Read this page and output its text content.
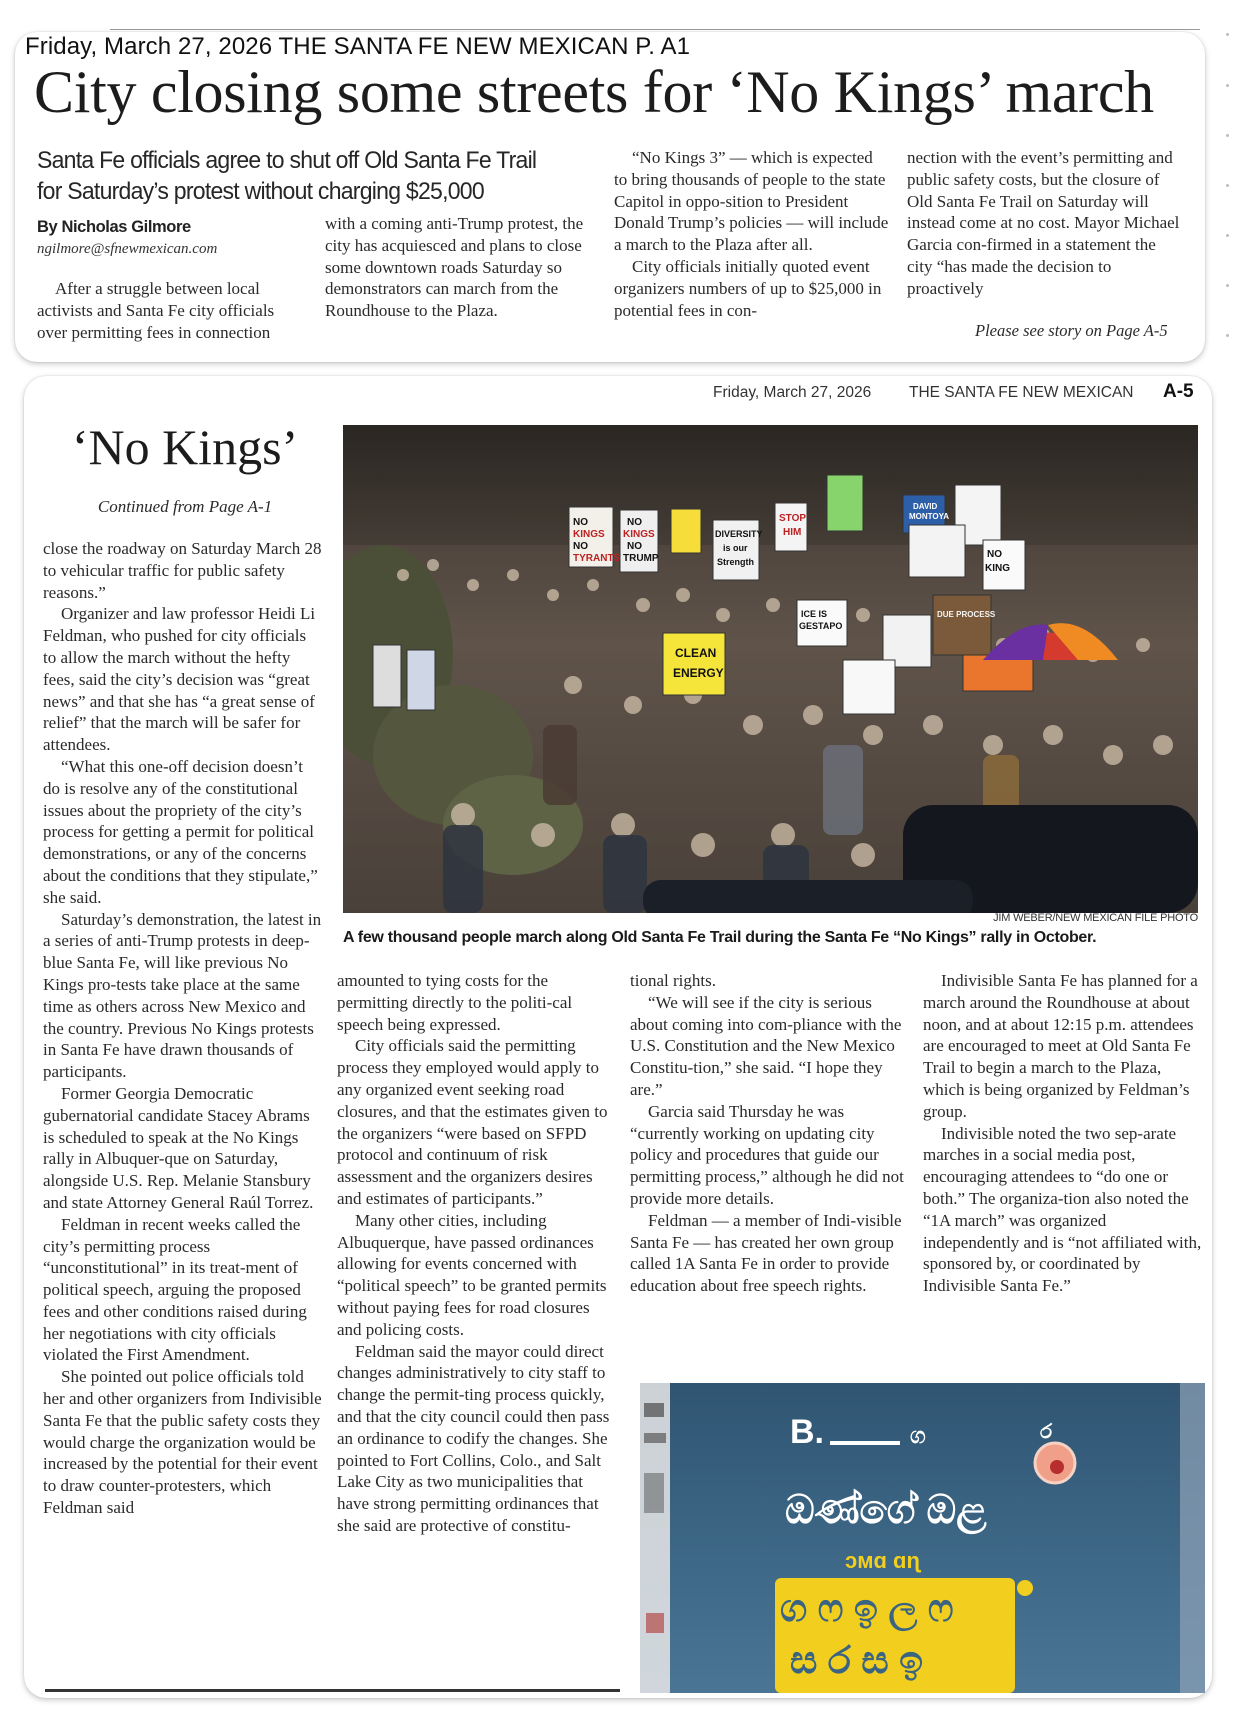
Friday, March 27, 2026 THE SANTA FE NEW MEXICAN P. A1
City closing some streets for ‘No Kings’ march
Santa Fe officials agree to shut off Old Santa Fe Trail
for Saturday’s protest without charging $25,000
By Nicholas Gilmore
ngilmore@sfnewmexican.com

After a struggle between local activists and Santa Fe city officials over permitting fees in connection

with a coming anti-Trump protest, the city has acquiesced and plans to close some downtown roads Saturday so demonstrators can march from the Roundhouse to the Plaza.

“No Kings 3” — which is expected to bring thousands of people to the state Capitol in oppo-sition to President Donald Trump’s policies — will include a march to the Plaza after all.

City officials initially quoted event organizers numbers of up to $25,000 in potential fees in con-

nection with the event’s permitting and public safety costs, but the closure of Old Santa Fe Trail on Saturday will instead come at no cost. Mayor Michael Garcia con-firmed in a statement the city “has made the decision to proactively

Please see story on Page A-5
Friday, March 27, 2026 THE SANTA FE NEW MEXICAN A-5
‘No Kings’
Continued from Page A-1
NO
KINGS
NO
TYRANTS
NO
KINGS
NO
TRUMP
DIVERSITY
is our
Strength
STOP
HIM
DAVID
MONTOYA
NO
KING
CLEAN
ENERGY
ICE IS
GESTAPO
DUE PROCESS
JIM WEBER/NEW MEXICAN FILE PHOTO
A few thousand people march along Old Santa Fe Trail during the Santa Fe “No Kings” rally in October.

close the roadway on Saturday March 28 to vehicular traffic for public safety reasons.”

Organizer and law professor Heidi Li Feldman, who pushed for city officials to allow the march without the hefty fees, said the city’s decision was “great news” and that she has “a great sense of relief” that the march will be safer for attendees.

“What this one-off decision doesn’t do is resolve any of the constitutional issues about the propriety of the city’s process for getting a permit for political demonstrations, or any of the concerns about the conditions that they stipulate,” she said.

Saturday’s demonstration, the latest in a series of anti-Trump protests in deep-blue Santa Fe, will like previous No Kings pro-tests take place at the same time as others across New Mexico and the country. Previous No Kings protests in Santa Fe have drawn thousands of participants.

Former Georgia Democratic gubernatorial candidate Stacey Abrams is scheduled to speak at the No Kings rally in Albuquer-que on Saturday, alongside U.S. Rep. Melanie Stansbury and state Attorney General Raúl Torrez.

Feldman in recent weeks called the city’s permitting process “unconstitutional” in its treat-ment of political speech, arguing the proposed fees and other conditions raised during her negotiations with city officials violated the First Amendment.

She pointed out police officials told her and other organizers from Indivisible Santa Fe that the public safety costs they would charge the organization would be increased by the potential for their event to draw counter-protesters, which Feldman said

amounted to tying costs for the permitting directly to the politi-cal speech being expressed.

City officials said the permitting process they employed would apply to any organized event seeking road closures, and that the estimates given to the organizers “were based on SFPD protocol and continuum of risk assessment and the organizers desires and estimates of participants.”

Many other cities, including Albuquerque, have passed ordinances allowing for events concerned with “political speech” to be granted permits without paying fees for road closures and policing costs.

Feldman said the mayor could direct changes administratively to city staff to change the permit-ting process quickly, and that the city council could then pass an ordinance to codify the changes. She pointed to Fort Collins, Colo., and Salt Lake City as two municipalities that have strong permitting ordinances that she said are protective of constitu-

tional rights.

“We will see if the city is serious about coming into com-pliance with the U.S. Constitution and the New Mexico Constitu-tion,” she said. “I hope they are.”

Garcia said Thursday he was “currently working on updating city policy and procedures that guide our permitting process,” although he did not provide more details.

Feldman — a member of Indi-visible Santa Fe — has created her own group called 1A Santa Fe in order to provide education about free speech rights.

Indivisible Santa Fe has planned for a march around the Roundhouse at about noon, and at about 12:15 p.m. attendees are encouraged to meet at Old Santa Fe Trail to begin a march to the Plaza, which is being organized by Feldman’s group.

Indivisible noted the two sep-arate marches in a social media post, encouraging attendees to “do one or both.” The organiza-tion also noted the “1A march” was organized independently and is “not affiliated with, sponsored by, or coordinated by Indivisible Santa Fe.”

B.	ග
ඔණ්ගේ ඔළ
෮
ᴐᴍɑ ɑɳ
ග ෆ ඉ ල ෆ
ස ර ස ඉ
